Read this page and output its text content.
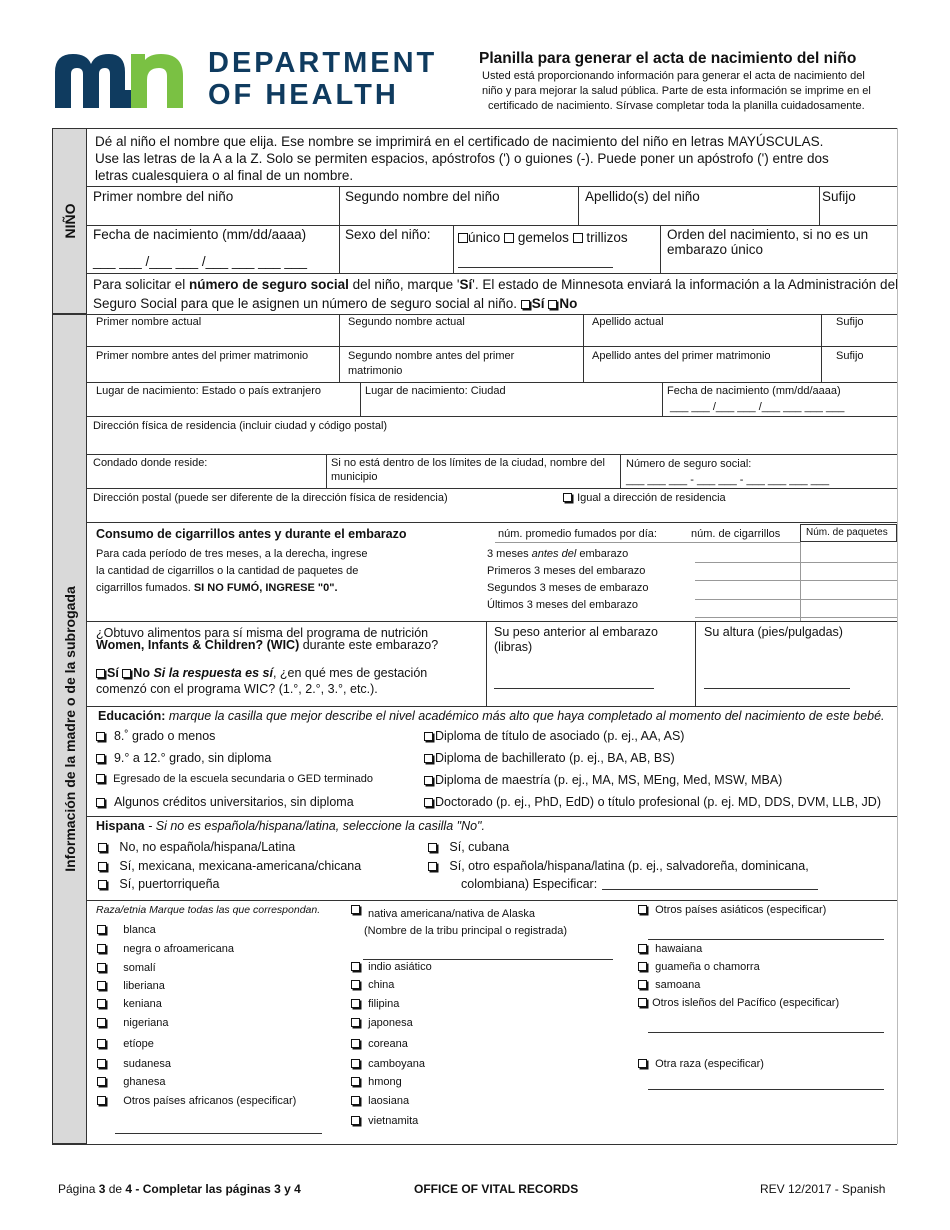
DEPARTMENT
OF HEALTH
Planilla para generar el acta de nacimiento del niño
Usted está proporcionando información para generar el acta de nacimiento del
niño y para mejorar la salud pública. Parte de esta información se imprime en el
certificado de nacimiento. Sírvase completar toda la planilla cuidadosamente.
NIÑO
Información de la madre o de la subrogada
Dé al niño el nombre que elija. Ese nombre se imprimirá en el certificado de nacimiento del niño en letras MAYÚSCULAS.
Use las letras de la A a la Z. Solo se permiten espacios, apóstrofos (') o guiones (-). Puede poner un apóstrofo (') entre dos
letras cualesquiera o al final de un nombre.
Primer nombre del niño	Segundo nombre del niño	Apellido(s) del niño	Sufijo
Fecha de nacimiento (mm/dd/aaaa)
___ ___ /___ ___ /___ ___ ___ ___
Sexo del niño:	único gemelos trillizos	Orden del nacimiento, si no es un
embarazo único
Para solicitar el número de seguro social del niño, marque 'Sí'. El estado de Minnesota enviará la información a la Administración del
Seguro Social para que le asignen un número de seguro social al niño. Sí No
Primer nombre actual	Segundo nombre actual	Apellido actual	Sufijo
Primer nombre antes del primer matrimonio	Segundo nombre antes del primer
matrimonio
Apellido antes del primer matrimonio	Sufijo
Lugar de nacimiento: Estado o país extranjero	Lugar de nacimiento: Ciudad	Fecha de nacimiento (mm/dd/aaaa)
___ ___ /___ ___ /___ ___ ___ ___
Dirección física de residencia (incluir ciudad y código postal)
Condado donde reside:	Si no está dentro de los límites de la ciudad, nombre del
municipio
Número de seguro social:
___ ___ ___ - ___ ___ - ___ ___ ___ ___
Dirección postal (puede ser diferente de la dirección física de residencia)	Igual a dirección de residencia
Consumo de cigarrillos antes y durante el embarazo	núm. promedio fumados por día:	núm. de cigarrillos	Núm. de paquetes
Para cada período de tres meses, a la derecha, ingrese
la cantidad de cigarrillos o la cantidad de paquetes de
cigarrillos fumados. SI NO FUMÓ, INGRESE "0".
3 meses antes del embarazo
Primeros 3 meses del embarazo
Segundos 3 meses de embarazo
Últimos 3 meses del embarazo
¿Obtuvo alimentos para sí misma del programa de nutrición
Women, Infants & Children? (WIC) durante este embarazo?
Sí No Si la respuesta es sí, ¿en qué mes de gestación
comenzó con el programa WIC? (1.°, 2.°, 3.°, etc.).
Su peso anterior al embarazo
(libras)
Su altura (pies/pulgadas)
Educación: marque la casilla que mejor describe el nivel académico más alto que haya completado al momento del nacimiento de este bebé.
8.˚ grado o menos
9.° a 12.° grado, sin diploma
Egresado de la escuela secundaria o GED terminado
Algunos créditos universitarios, sin diploma
Diploma de título de asociado (p. ej., AA, AS)
Diploma de bachillerato (p. ej., BA, AB, BS)
Diploma de maestría (p. ej., MA, MS, MEng, Med, MSW, MBA)
Doctorado (p. ej., PhD, EdD) o título profesional (p. ej. MD, DDS, DVM, LLB, JD)
Hispana - Si no es española/hispana/latina, seleccione la casilla "No".
No, no española/hispana/Latina
Sí, mexicana, mexicana-americana/chicana
Sí, puertorriqueña
Sí, cubana
Sí, otro española/hispana/latina (p. ej., salvadoreña, dominicana,
colombiana) Especificar:
Raza/etnia Marque todas las que correspondan.
blanca
negra o afroamericana
somalí
liberiana
keniana
nigeriana
etíope
sudanesa
ghanesa
Otros países africanos (especificar)
nativa americana/nativa de Alaska
(Nombre de la tribu principal o registrada)
indio asiático
china
filipina
japonesa
coreana
camboyana
hmong
laosiana
vietnamita
Otros países asiáticos (especificar)
hawaiana
guameña o chamorra
samoana
Otros isleños del Pacífico (especificar)
Otra raza (especificar)
Página 3 de 4 - Completar las páginas 3 y 4	OFFICE OF VITAL RECORDS	REV 12/2017 - Spanish
